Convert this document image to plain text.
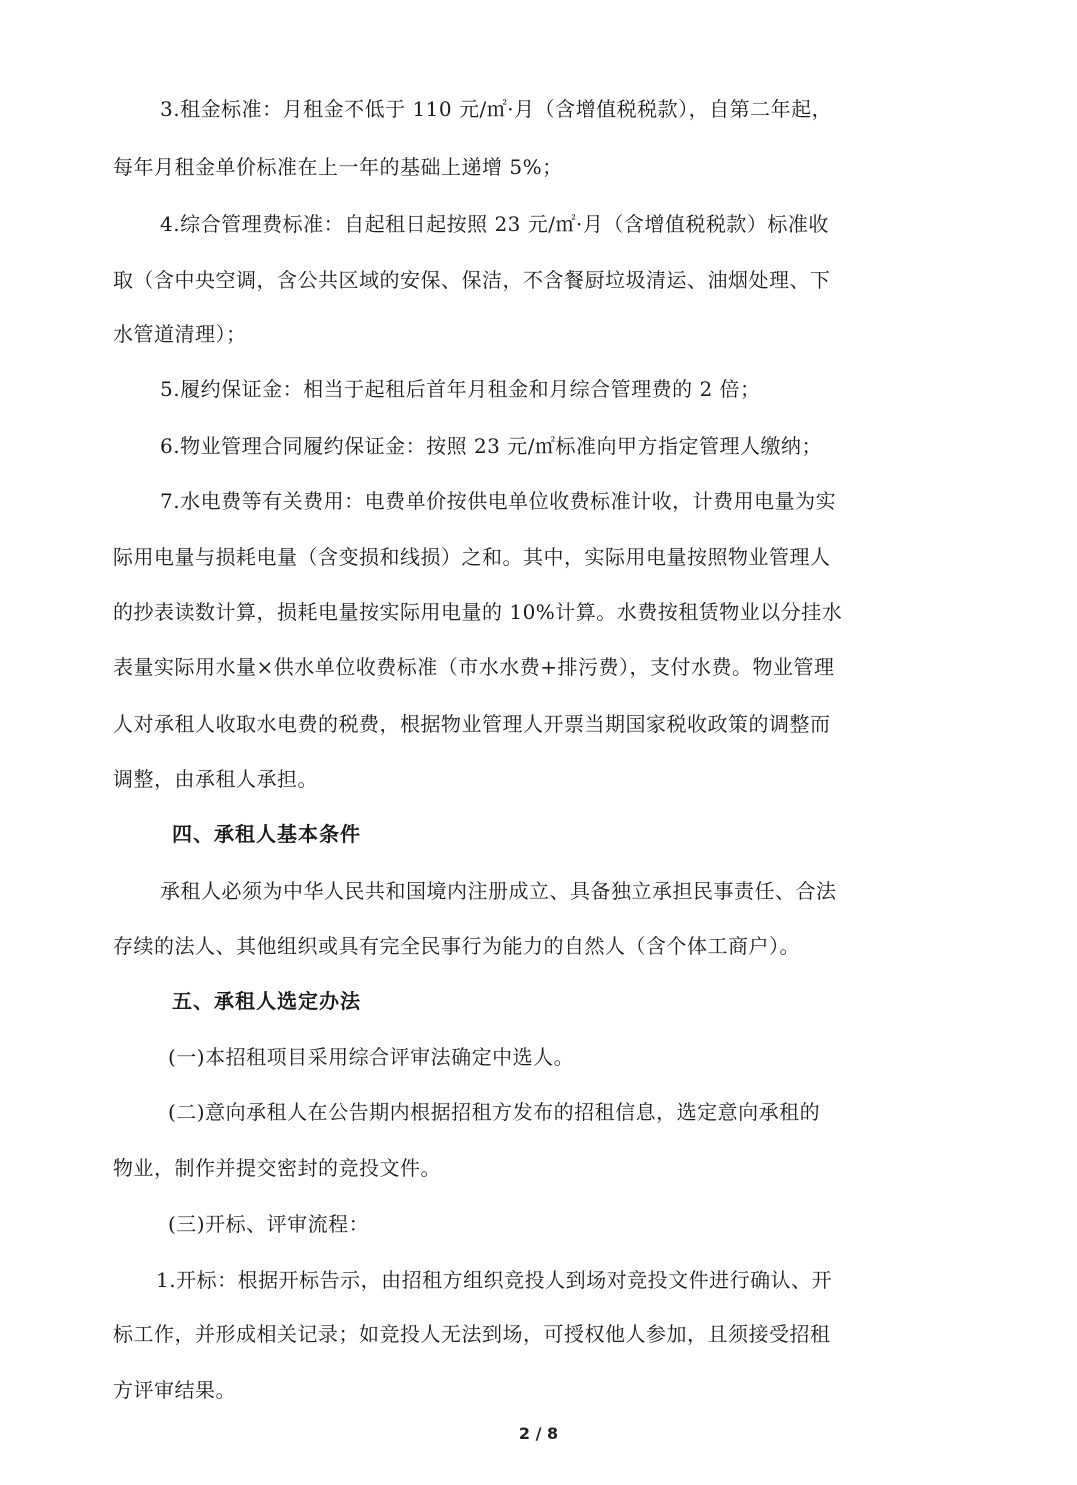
3.租金标准：月租金不低于 110 元/㎡·月（含增值税税款），自第二年起，
每年月租金单价标准在上一年的基础上递增 5%；
4.综合管理费标准：自起租日起按照 23 元/㎡·月（含增值税税款）标准收
取（含中央空调，含公共区域的安保、保洁，不含餐厨垃圾清运、油烟处理、下
水管道清理）；
5.履约保证金：相当于起租后首年月租金和月综合管理费的 2 倍；
6.物业管理合同履约保证金：按照 23 元/㎡标准向甲方指定管理人缴纳；
7.水电费等有关费用：电费单价按供电单位收费标准计收，计费用电量为实
际用电量与损耗电量（含变损和线损）之和。其中，实际用电量按照物业管理人
的抄表读数计算，损耗电量按实际用电量的 10%计算。水费按租赁物业以分挂水
表量实际用水量×供水单位收费标准（市水水费+排污费），支付水费。物业管理
人对承租人收取水电费的税费，根据物业管理人开票当期国家税收政策的调整而
调整，由承租人承担。
四、承租人基本条件
承租人必须为中华人民共和国境内注册成立、具备独立承担民事责任、合法
存续的法人、其他组织或具有完全民事行为能力的自然人（含个体工商户）。
五、承租人选定办法
(一)本招租项目采用综合评审法确定中选人。
(二)意向承租人在公告期内根据招租方发布的招租信息，选定意向承租的
物业，制作并提交密封的竞投文件。
(三)开标、评审流程：
1.开标：根据开标告示，由招租方组织竞投人到场对竞投文件进行确认、开
标工作，并形成相关记录；如竞投人无法到场，可授权他人参加，且须接受招租
方评审结果。
2 / 8
